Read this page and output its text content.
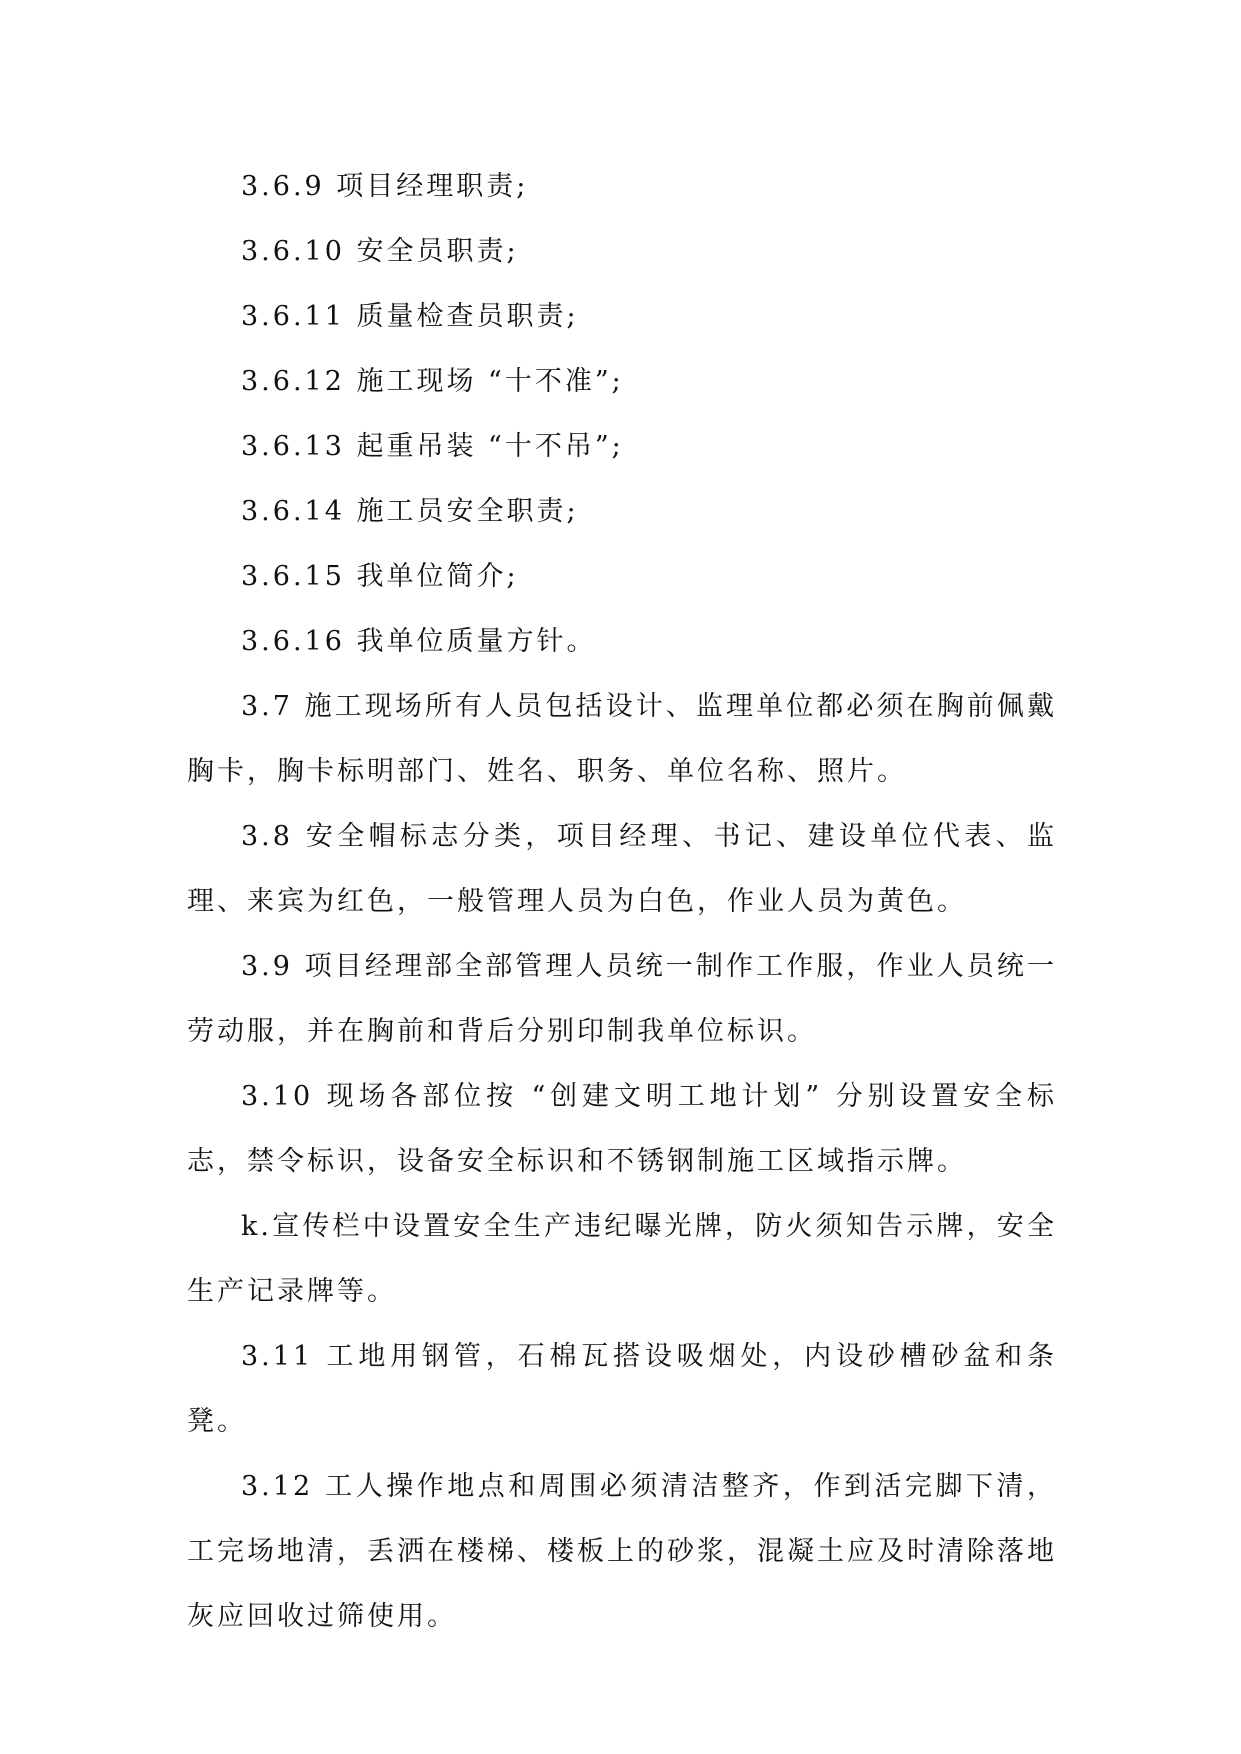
3.6.9 项目经理职责;

3.6.10 安全员职责;

3.6.11 质量检查员职责;

3.6.12 施工现场 “十不准”;

3.6.13 起重吊装 “十不吊”;

3.6.14 施工员安全职责;

3.6.15 我单位简介;

3.6.16 我单位质量方针。

3.7 施工现场所有人员包括设计、监理单位都必须在胸前佩戴胸卡，胸卡标明部门、姓名、职务、单位名称、照片。

3.8 安全帽标志分类，项目经理、书记、建设单位代表、监理、来宾为红色，一般管理人员为白色，作业人员为黄色。

3.9 项目经理部全部管理人员统一制作工作服，作业人员统一劳动服，并在胸前和背后分别印制我单位标识。

3.10 现场各部位按 “创建文明工地计划” 分别设置安全标志，禁令标识，设备安全标识和不锈钢制施工区域指示牌。

k.宣传栏中设置安全生产违纪曝光牌，防火须知告示牌，安全生产记录牌等。

3.11 工地用钢管，石棉瓦搭设吸烟处，内设砂槽砂盆和条凳。

3.12 工人操作地点和周围必须清洁整齐，作到活完脚下清，工完场地清，丢洒在楼梯、楼板上的砂浆，混凝土应及时清除落地灰应回收过筛使用。
